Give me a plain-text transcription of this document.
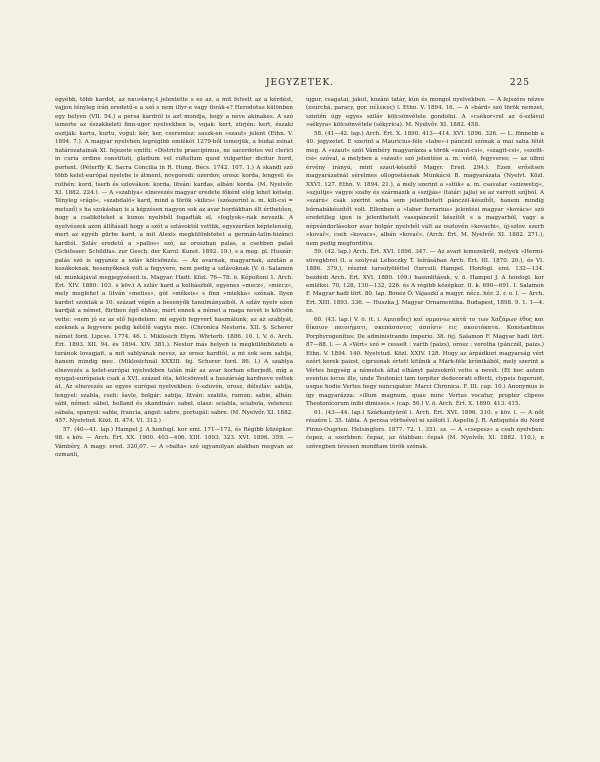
JEGYZETEK.	225

egyébb, több kardot, az ακινάκης-t jelentette s ez az, a mit felvett az a kérdést, vajjon tényleg írán eredetű-e a szó s nem illyr-e vagy thrák-e? Herodotus különben egy helyen (VII. 54.) a persa kardról is azt mondja, hogy a neve akinakes. A szó ismerte az északkeleti finn-ugor nyelvekben is, vojak: kert, zürjén: kert, északi osztják: kartu, kurtu, vogul: kér, ker, cseremisz: saszk-en »szaut« jelent (Ethn. V. 1894. 7.). A magyar nyelvben legrégibb emlékét 1279-ből ismerjük, a budai zsinat határozatainak XI. fejezete említi: »Districte praecipimus, ne sacerdotes vel clerici in curia ordine constituti, gladium vel cultellum quod vulgariter dicitur hord, portent. (Péterffy K. Sacra Concilia in R. Hung. Bécs. 1742. 107. 1.) A skandi szó több kelet-európai nyelvbe is átment, novgorodi: ozerdov, orosz: korda, lengyel: és ruthén: kord, tserb és szlovákon: korda, litván: kardas, albán: korda. (M. Nyelvőr. XI. 1882. 224.). — A »szablya« elnevezés magyar eredete főként elég lehet kétség. Tényleg »rágó«, »szabdaló« kard, mind a török »kilics« (szószerint a. m. kili-csi = metsző) s ha szokásban is a képzésen nagyon sok az avar hordákban élt érthetően, hogy a csaliköteket a kunos nyelvből fogadták el, »foglyok«-nak nevezik. A nyelvészek azon állításait hogy a szót a szlávoktól vettük, egyszerűen képtelenség, mert az egyéb gürbe kard, a mit Alexis megkülönböztet a germán-latin-bizánci kardtól. Szláv eredetű a »pallos« szó, az oroszban palas, a csehben palaš (Schiösser: Schildfas. zur Gesch. der Karol. Kunst. 1892. 19.), s a meg. pl. Huszár: palás szó is ugyanez a szláv kölcsönzés. — Az avarnak, magyarnak, azután a kozákoknak, besenyőknek volt a fegyvere, nem pedig a szlávoknak (V. ö. Salamon id. munkájával megjegyzéseit is. Magyar. Hadt. Közl. 76—78. ö. Képoltoni 1. Arch. Ért. XIV. 1880. 103. s köv.) A szláv kard a kolbászból, egyenes »mecz«, »miecz«, mely meglehet a litván »metiss«, gót »mékeis« s finn »miekka« szónak. Ilyen kardot szoktak a 10. század végén a besenyők tanulmányaiból. A szláv nyelv ezen kardját a német, fürtben égő ehhez, mert ennek a német a maga nevét is kölcsön vette: »nem jó ez az elő fejedelem: mi egyéb fegyvert használunk, az az szablyát, ezeknek a fegyvere pedig kétélű vagyis mec. (Chronica Nestoris. XII. §. Scherer német ford. Lipcse. 1774. 46. l. Miklosich Etym. Wörterb. 1886. 16. l. V. ö. Arch. Ért. 1893. XII. 94. és 1894. XIV. 381.). Nestor más helyen is megkülönbözteti a turánok lovagjait, a mit sablyának nevez, az orosz kardtól, a mi sok sem sablja, hanem mindig mec. (Miklosichnál XXXIII. fej. Scherer ford. 86. l.) A szablya elnevezés a kelet-európai nyelvekben talán már az avar korban elterjedt, míg a nyugat-európaiak csak a XVI. század óta, kölcsönvett a huszárság kardneve vettek át. Az elnevezés az egyes európai nyelvekben: ó-szlovén, orosz, délszláv: sablja, lengyel: szabla, cseh: šavle, bolgár: sabija, litván: szablis, rumun: sabie, albán: sábl, német: säbel, holland és skandináv: sabel, olasz: sciabla, sciabola, velencei: sábala, spanyol: sable, francia, angol: sabre, portugál: sabre. (M. Nyelvőr. XI. 1882. 457. Nyelvtud. Közl. II. 474. VI. 312.)

57. (40—41. lap.) Hampel J. A honfogl. kor emi. 171—172. és Régibb középkor. 98. s köv. — Arch. Ért. XX. 1900. 403—406. XIII. 1893. 323. XVI. 1896. 359. — Vámbéry, A magy. ered. 320,07. — A »balta« szó ugyanolyan alakban megvan az ozmanli,

ujgur, csagatai, jakut, kozáni tatár, kún és mongol nyelvekben. — A fejszére nézve (zsurchá, paracy, gor. πέλεκυς) l. Ethn. V. 1894. 16. — A »bárd« szó török nemzet, szintén úgy egyes sziláv kölcsönvétele gondolni. A »csékor«rel az ó-szlávul »sěkyra« kölcsönvétele (sékyrica). M. Nyelvőr. XI. 1882. 458.

58. (41—42. lap.) Arch. Ért. X. 1890. 413—414. XVI. 1896. 326. — L. fönnebb a 40. jegyzetet. E szerint a Mauricius-féle »tabe«-i pánczél szónak a mai saba félét meg. A »szaut« szót Vámbéry magyarázza a török »szaut-csi«, »szagit-csi«, »szefit-csi« szóval, a melyben a »szaut« szó jelentése a. m. védő, fegyveres; — az ulbni érvény irányú, mint szaut-készítő Magyr. Ered. 294.). Ezen erősítsen magyarázatnál sérelmes ollogostásnak Munkácsi B. magyarázata (Nyelvt. Közl. XXVI. 127. Ethn. V. 1894. 21.), a mely szerint a »stük« a. m. csavatar »sziewetzj«, »szjultje« vagyis szaby és származik a »szijjás« (tatár: jajla) se az varrott szíjból. A »szárú« csak szerint soha sem jelenthetett pánczél-készítőt, hanem mindig bőrnabákészítőt volt. Ellenben a »Iaber ferrarius« jelentési magyar »kovács« szó eredetileg igen is jelenthetett vasspánczél készítőt s a magyarból, vagy a népvándorlásokor avar bolgár nyelvből vált az oszlovén »kovachi«, új-szlov. szerb »kovač«, cseh »kovacs«, albán »kovač«. (Arch. Ért. M. Nyelvőr. XI. 1882. 271.), nem pedig megfordítva.

59. (42. lap.) Arch. Ért. XVI. 1896. 347. — Az avart lemezekről, melyek »Hermi-süvegkbrei (I. a szolyvai Lehoczky T. leírásában Arch. Ért. III. 1870. 20.), és VI. 1886. 379.), részint tarsolyöléttel (turcsili Hampel. Honfogl. emi. 132—134. bezdédi Arch. Ért. XVI. 1880. 109.) hasonlításuk, v. ö. Hampel J. A honfogl. kor emlékei. 70, 128, 130—132, 226. és A régibb középkor. II. k. 690—691. I. Salamon F. Magyar hadi tört. 80. lap. Bonez Ö. Vájaszki a magyr. nécz. hér. 2. r. o. l. — Arch. Ért. XIII. 1893. 336. — Huszka J. Magyar Ornamentika. Budapest, 1898. 9. 1. 1—4. sz.

60. (43. lap.) V. ö. (t. i. Αμυιαδις) καί ομμονιω κατά το των Χαζάρων έθος και δίκαιον παιοιήματι, σκεπάσαντες ασπίσιν εις ακουτόκατα. Konstantinus Porphyrogenitus: De administrando imperio. 38. fej. Salamon F. Magyar hadi tört. 87—88. l. — A »Vért« szó = cesselt : varth (paizs), orosz : verotha (pánczél, paizs.) Ethn. V. 1894. 140. Nyelvtud. Közl. XXIV. 128. Hogy az árpádkori magyarság vért ezért kerek paizst, ciprusnak értett kitűnik a Márk-féle krónikából, mely szerint a Vértes hegység a németek által elhányt paizsokról vette a nevét. (Et hoc autem eventus locus ille, unde Teutonici tam torpiter dedecorati effecti, clypeis fugerunt, usque hodie Vertes hegy nuncupatur. Marci Chronica. F. III. cap. 10.) Anonymus is így magyarázza: »illum magnum, quae nunc Vertus vocatur, propter clipeos Theotonicorum inibi dimissos.« (cap. 56.) V. ö. Arch. Ért. X. 1890. 413. 415.

61. (43—44. lap.) Szárkantyúról l. Arch. Ért. XVI. 1896. 310. s köv. l. — A nőt részére l. 35. tábla. A perzsa vörösével ni szólott l. Aspelin J. R. Antiquités du Nord Finno-Ougrien. Helsingfors. 1877. 72. 1. 351. sz. — A »csepesz« a csuh nyelvben: čepez, a szerbben: čepaz, az ólábban: čepaš (M. Nyelvőr. XI. 1882. 110.), n szóvegben tévesen mondtam török szónak.
